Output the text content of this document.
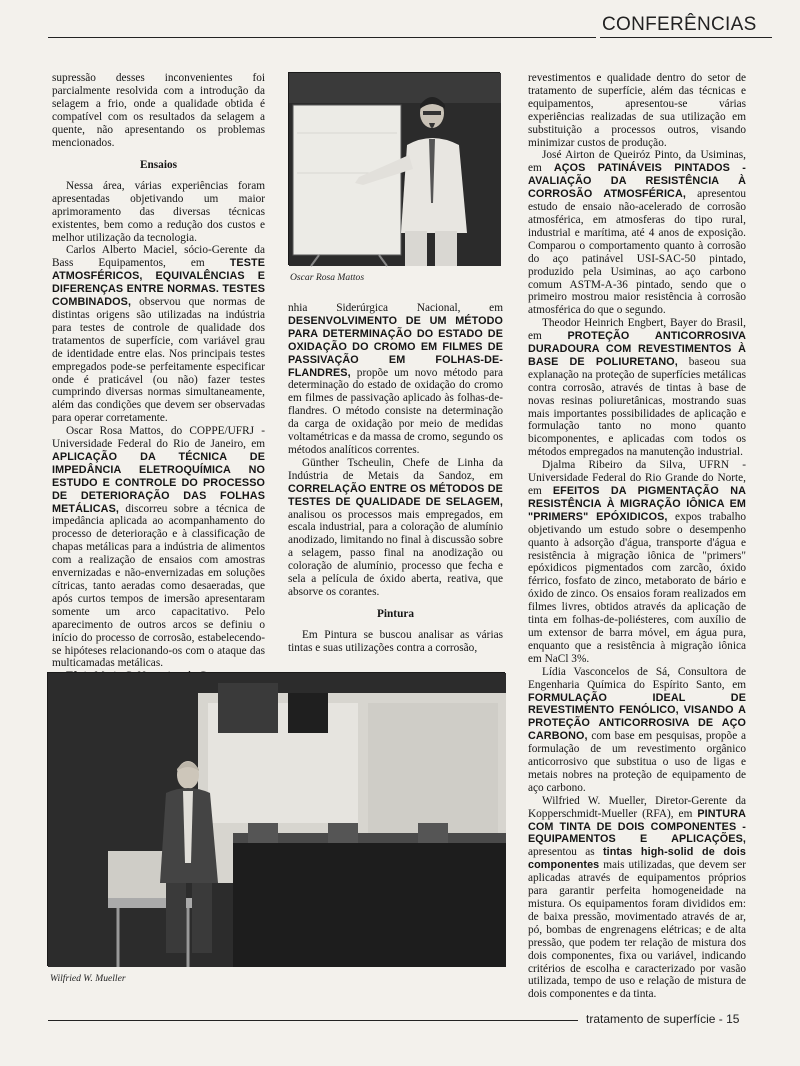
CONFERÊNCIAS

supressão desses inconvenientes foi parcialmente resolvida com a introdução da selagem a frio, onde a qualidade obtida é compatível com os resultados da selagem a quente, não apresentando os problemas mencionados.

Ensaios

Nessa área, várias experiências foram apresentadas objetivando um maior aprimoramento das diversas técnicas existentes, bem como a redução dos custos e melhor utilização da tecnologia.

Carlos Alberto Maciel, sócio-Gerente da Bass Equipamentos, em TESTE ATMOSFÉRICOS, EQUIVALÊNCIAS E DIFERENÇAS ENTRE NORMAS. TESTES COMBINADOS, observou que normas de distintas origens são utilizadas na indústria para testes de controle de qualidade dos tratamentos de superfície, com variável grau de identidade entre elas. Nos principais testes empregados pode-se perfeitamente especificar onde é praticável (ou não) fazer testes cumprindo diversas normas simultaneamente, além das condições que devem ser observadas para operar corretamente.

Oscar Rosa Mattos, do COPPE/UFRJ - Universidade Federal do Rio de Janeiro, em APLICAÇÃO DA TÉCNICA DE IMPEDÂNCIA ELETROQUÍMICA NO ESTUDO E CONTROLE DO PROCESSO DE DETERIORAÇÃO DAS FOLHAS METÁLICAS, discorreu sobre a técnica de impedância aplicada ao acompanhamento do processo de deterioração e à classificação de chapas metálicas para a indústria de alimentos com a realização de ensaios com amostras envernizadas e não-envernizadas em soluções cítricas, tanto aeradas como desaeradas, que após curtos tempos de imersão apresentaram somente um arco capacitativo. Pelo aparecimento de outros arcos se definiu o início do processo de corrosão, estabelecendo-se hipóteses relacionando-os com o ataque das multicamadas metálicas.

Oscar Rosa Mattos

nhia Siderúrgica Nacional, em DESENVOLVIMENTO DE UM MÉTODO PARA DETERMINAÇÃO DO ESTADO DE OXIDAÇÃO DO CROMO EM FILMES DE PASSIVAÇÃO EM FOLHAS-DE-FLANDRES, propõe um novo método para determinação do estado de oxidação do cromo em filmes de passivação aplicado às folhas-de-flandres. O método consiste na determinação da carga de oxidação por meio de medidas voltamétricas e da massa de cromo, segundo os métodos analíticos correntes.

Günther Tscheulin, Chefe de Linha da Indústria de Metais da Sandoz, em CORRELAÇÃO ENTRE OS MÉTODOS DE TESTES DE QUALIDADE DE SELAGEM, analisou os processos mais empregados, em escala industrial, para a coloração de alumínio anodizado, limitando no final à discussão sobre a selagem, passo final na anodização ou coloração de alumínio, processo que fecha e sela a película de óxido aberta, reativa, que absorve os corantes.

Pintura

Em Pintura se buscou analisar as várias tintas e suas utilizações contra a corrosão,

revestimentos e qualidade dentro do setor de tratamento de superfície, além das técnicas e equipamentos, apresentou-se várias experiências realizadas de sua utilização em substituição a processos outros, visando minimizar custos de produção.

José Airton de Queiróz Pinto, da Usiminas, em AÇOS PATINÁVEIS PINTADOS - AVALIAÇÃO DA RESISTÊNCIA À CORROSÃO ATMOSFÉRICA, apresentou estudo de ensaio não-acelerado de corrosão atmosférica, em atmosferas do tipo rural, industrial e marítima, até 4 anos de exposição. Comparou o comportamento quanto à corrosão do aço patinável USI-SAC-50 pintado, produzido pela Usiminas, ao aço carbono comum ASTM-A-36 pintado, sendo que o primeiro mostrou maior resistência à corrosão atmosférica do que o segundo.

Theodor Heinrich Engbert, Bayer do Brasil, em PROTEÇÃO ANTICORROSIVA DURADOURA COM REVESTIMENTOS À BASE DE POLIURETANO, baseou sua explanação na proteção de superfícies metálicas contra corrosão, através de tintas à base de novas resinas poliuretânicas, mostrando suas mais importantes possibilidades de aplicação e formulação tanto no mono quanto bicomponentes, e aplicadas com todos os métodos empregados na manutenção industrial.

Djalma Ribeiro da Silva, UFRN - Universidade Federal do Rio Grande do Norte, em EFEITOS DA PIGMENTAÇÃO NA RESISTÊNCIA À MIGRAÇÃO IÔNICA EM "PRIMERS" EPÓXIDICOS, expos trabalho objetivando um estudo sobre o desempenho quanto à adsorção d'água, transporte d'água e resistência à migração iônica de "primers" epóxidicos pigmentados com zarcão, óxido férrico, fosfato de zinco, metaborato de bário e óxido de zinco. Os ensaios foram realizados em filmes livres, obtidos através da aplicação de tinta em folhas-de-poliésteres, com auxílio de um extensor de barra móvel, em água pura, enquanto que a resistência à migração iônica em NaCl 3%.

Lídia Vasconcelos de Sá, Consultora de Engenharia Química do Espírito Santo, em FORMULAÇÃO IDEAL DE REVESTIMENTO FENÓLICO, VISANDO A PROTEÇÃO ANTICORROSIVA DE AÇO CARBONO, com base em pesquisas, propõe a formulação de um revestimento orgânico anticorrosivo que substitua o uso de ligas e metais nobres na proteção de equipamento de aço carbono.

Wilfried W. Mueller, Diretor-Gerente da Kopperschmidt-Mueller (RFA), em PINTURA COM TINTA DE DOIS COMPONENTES - EQUIPAMENTOS E APLICAÇÕES, apresentou as tintas high-solid de dois componentes mais utilizadas, que devem ser aplicadas através de equipamentos próprios para garantir perfeita homogeneidade na mistura. Os equipamentos foram divididos em: de baixa pressão, movimentado através de ar, pó, bombas de engrenagens elétricas; e de alta pressão, que podem ter relação de mistura dos dois componentes, fixa ou variável, indicando critérios de escolha e caracterizado por vasão utilizada, tempo de uso e relação de mistura de dois componentes e da tinta.

Wilfried W. Mueller
tratamento de superfície - 15
